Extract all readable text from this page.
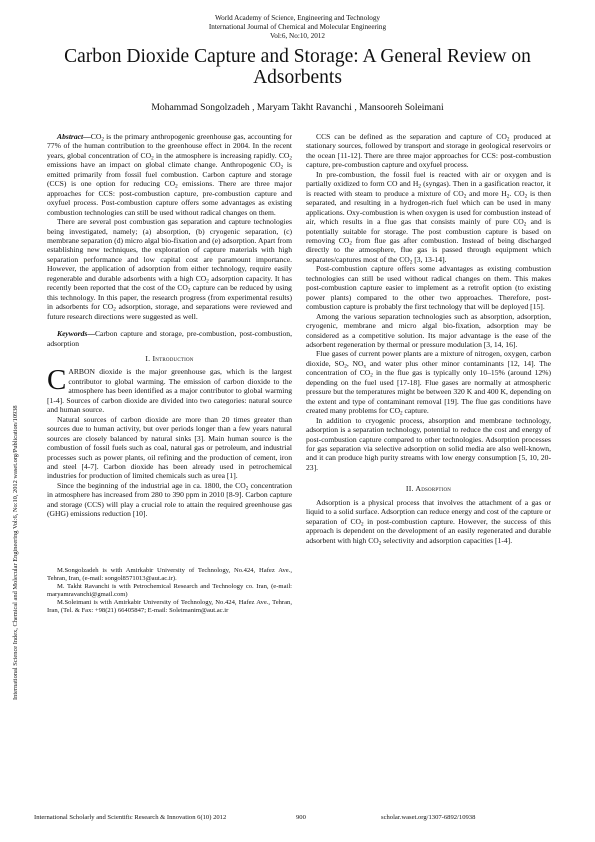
World Academy of Science, Engineering and Technology
International Journal of Chemical and Molecular Engineering
Vol:6, No:10, 2012
Carbon Dioxide Capture and Storage: A General Review on Adsorbents
Mohammad Songolzadeh , Maryam Takht Ravanchi , Mansooreh Soleimani
International Science Index, Chemical and Molecular Engineering Vol:6, No:10, 2012 waset.org/Publication/10938

$Abstract—CO_2$ is the primary anthropogenic greenhouse gas, accounting for 77% of the human contribution to the greenhouse effect in 2004. In the recent years, global concentration of $CO_2$ in the atmosphere is increasing rapidly. $CO_2$ emissions have an impact on global climate change. Anthropogenic $CO_2$ is emitted primarily from fossil fuel combustion. Carbon capture and storage (CCS) is one option for reducing $CO_2$ emissions. There are three major approaches for CCS: post-combustion capture, pre-combustion capture and oxyfuel process. Post-combustion capture offers some advantages as existing combustion technologies can still be used without radical changes on them.

There are several post combustion gas separation and capture technologies being investigated, namely; (a) absorption, (b) cryogenic separation, (c) membrane separation (d) micro algal bio-fixation and (e) adsorption. Apart from establishing new techniques, the exploration of capture materials with high separation performance and low capital cost are paramount importance. However, the application of adsorption from either technology, require easily regenerable and durable adsorbents with a high $CO_2$ adsorption capacity. It has recently been reported that the cost of the $CO_2$ capture can be reduced by using this technology. In this paper, the research progress (from experimental results) in adsorbents for $CO_2$ adsorption, storage, and separations were reviewed and future research directions were suggested as well.

Keywords—Carbon capture and storage, pre-combustion, post-combustion, adsorption

I. Introduction

CARBON dioxide is the major greenhouse gas, which is the largest contributor to global warming. The emission of carbon dioxide to the atmosphere has been identified as a major contributor to global warming [1-4]. Sources of carbon dioxide are divided into two categories: natural source and human source.

Natural sources of carbon dioxide are more than 20 times greater than sources due to human activity, but over periods longer than a few years natural sources are closely balanced by natural sinks [3]. Main human source is the combustion of fossil fuels such as coal, natural gas or petroleum, and industrial processes such as power plants, oil refining and the production of cement, iron and steel [4-7]. Carbon dioxide has been already used in petrochemical industries for production of limited chemicals such as urea [1].

Since the beginning of the industrial age in ca. 1800, the $CO_2$ concentration in atmosphere has increased from 280 to 390 ppm in 2010 [8-9]. Carbon capture and storage (CCS) will play a crucial role to attain the required greenhouse gas (GHG) emissions reduction [10].

M.Songolzadeh is with Amirkabir University of Technology, No.424, Hafez Ave., Tehran, Iran, (e-mail: songol8571013@aut.ac.ir).

M. Takht Ravanchi is with Petrochemical Research and Technology co. Iran, (e-mail: maryamravanchi@gmail.com)

M.Soleimani is with Amirkabir University of Technology, No.424, Hafez Ave., Tehran, Iran, (Tel. & Fax: +98(21) 66405847; E-mail: Soleimanim@aut.ac.ir

CCS can be defined as the separation and capture of $CO_2$ produced at stationary sources, followed by transport and storage in geological reservoirs or the ocean [11-12]. There are three major approaches for CCS: post-combustion capture, pre-combustion capture and oxyfuel process.

In pre-combustion, the fossil fuel is reacted with air or oxygen and is partially oxidized to form CO and $H_2$ (syngas). Then in a gasification reactor, it is reacted with steam to produce a mixture of $CO_2$ and more $H_2$. $CO_2$ is then separated, and resulting in a hydrogen-rich fuel which can be used in many applications. Oxy-combustion is when oxygen is used for combustion instead of air, which results in a flue gas that consists mainly of pure $CO_2$ and is potentially suitable for storage. The post combustion capture is based on removing $CO_2$ from flue gas after combustion. Instead of being discharged directly to the atmosphere, flue gas is passed through equipment which separates/captures most of the $CO_2$ [3, 13-14].

Post-combustion capture offers some advantages as existing combustion technologies can still be used without radical changes on them. This makes post-combustion capture easier to implement as a retrofit option (to existing power plants) compared to the other two approaches. Therefore, post-combustion capture is probably the first technology that will be deployed [15].

Among the various separation technologies such as absorption, adsorption, cryogenic, membrane and micro algal bio-fixation, adsorption may be considered as a competitive solution. Its major advantage is the ease of the adsorbent regeneration by thermal or pressure modulation [3, 14, 16].

Flue gases of current power plants are a mixture of nitrogen, oxygen, carbon dioxide, $SO_2$, $NO_x$ and water plus other minor contaminants [12, 14]. The concentration of $CO_2$ in the flue gas is typically only 10–15% (around 12%) depending on the fuel used [17-18]. Flue gases are normally at atmospheric pressure but the temperatures might be between 320 K and 400 K, depending on the extent and type of contaminant removal [19]. The flue gas conditions have created many problems for $CO_2$ capture.

In addition to cryogenic process, absorption and membrane technology, adsorption is a separation technology, potential to reduce the cost and energy of post-combustion capture compared to other technologies. Adsorption processes for gas separation via selective adsorption on solid media are also well-known, and it can produce high purity streams with low energy consumption [5, 10, 20-23].

II. Adsorption

Adsorption is a physical process that involves the attachment of a gas or liquid to a solid surface. Adsorption can reduce energy and cost of the capture or separation of $CO_2$ in post-combustion capture. However, the success of this approach is dependent on the development of an easily regenerated and durable adsorbent with high $CO_2$ selectivity and adsorption capacities [1-4].

International Scholarly and Scientific Research & Innovation 6(10) 2012	900	scholar.waset.org/1307-6892/10938
